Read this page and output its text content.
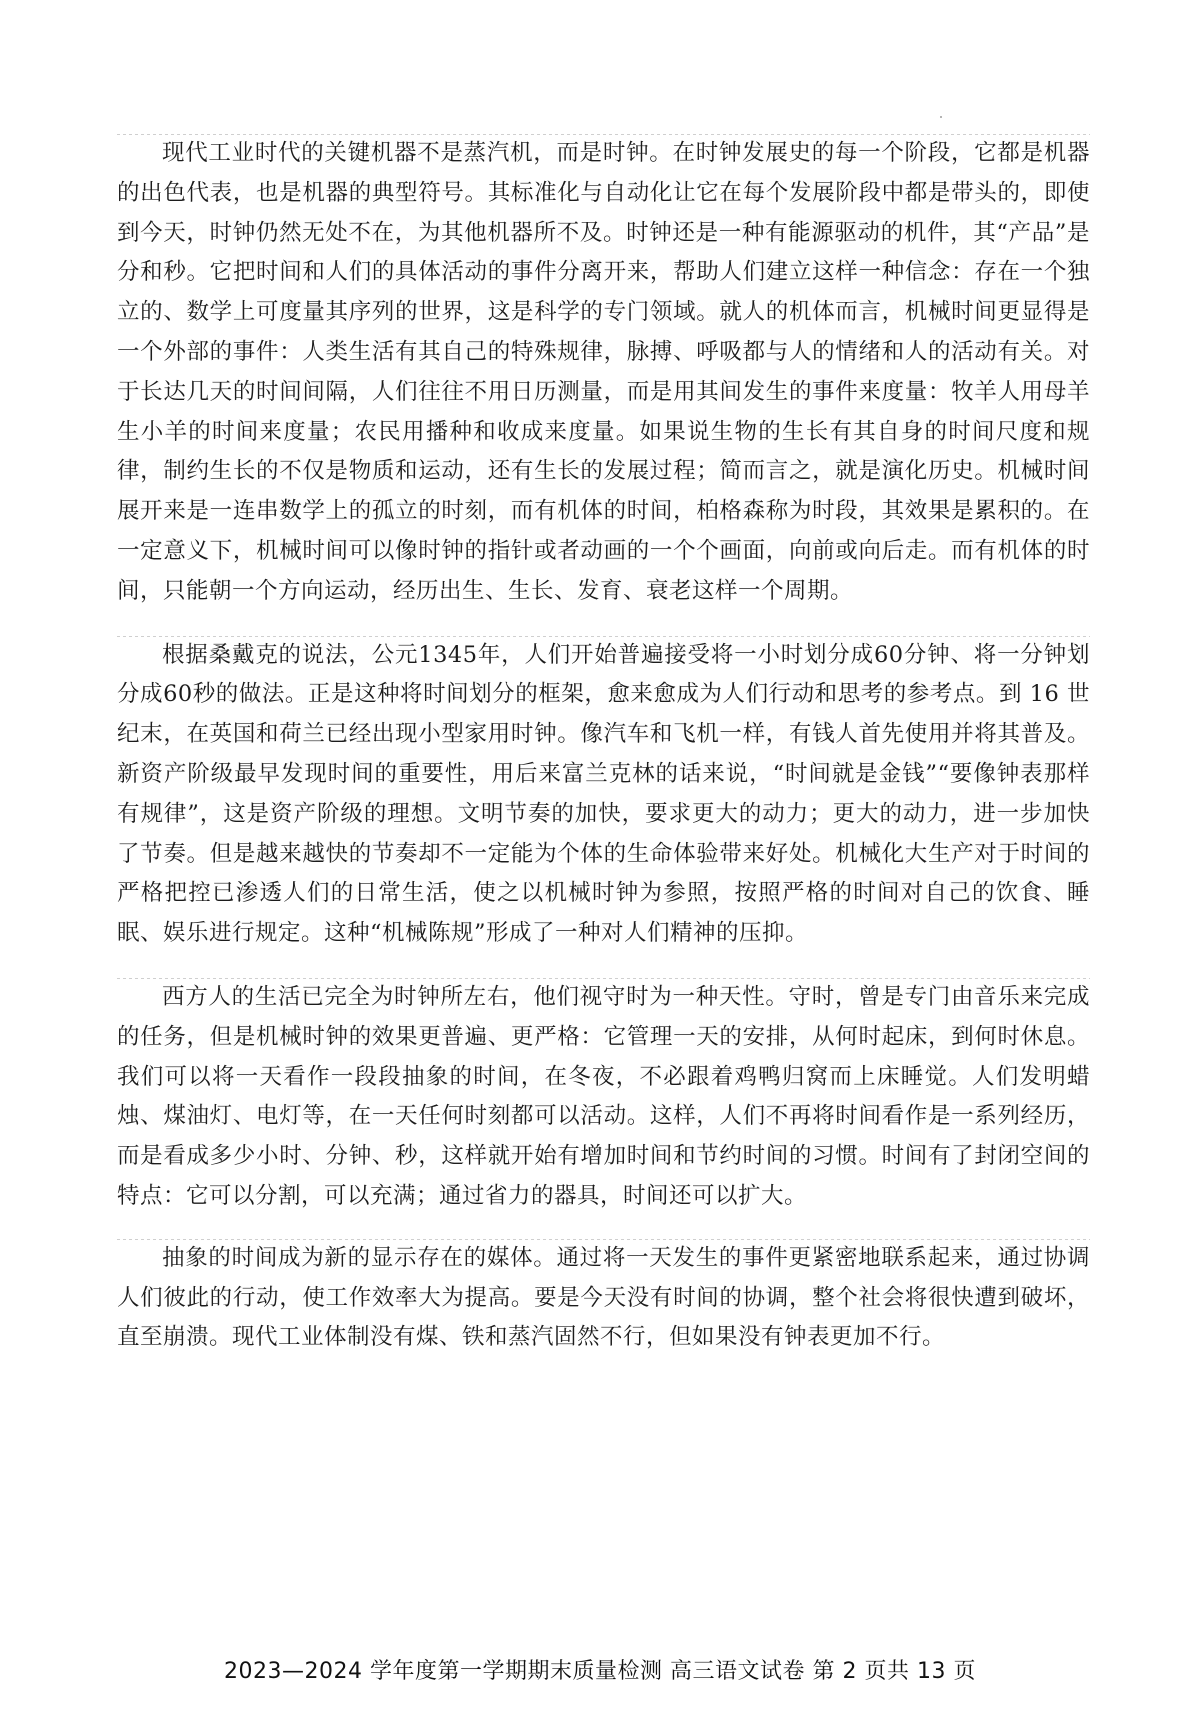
现代工业时代的关键机器不是蒸汽机，而是时钟。在时钟发展史的每一个阶段，它都是机器的出色代表，也是机器的典型符号。其标准化与自动化让它在每个发展阶段中都是带头的，即使到今天，时钟仍然无处不在，为其他机器所不及。时钟还是一种有能源驱动的机件，其“产品”是分和秒。它把时间和人们的具体活动的事件分离开来，帮助人们建立这样一种信念：存在一个独立的、数学上可度量其序列的世界，这是科学的专门领域。就人的机体而言，机械时间更显得是一个外部的事件：人类生活有其自己的特殊规律，脉搏、呼吸都与人的情绪和人的活动有关。对于长达几天的时间间隔，人们往往不用日历测量，而是用其间发生的事件来度量：牧羊人用母羊生小羊的时间来度量；农民用播种和收成来度量。如果说生物的生长有其自身的时间尺度和规律，制约生长的不仅是物质和运动，还有生长的发展过程；简而言之，就是演化历史。机械时间展开来是一连串数学上的孤立的时刻，而有机体的时间，柏格森称为时段，其效果是累积的。在一定意义下，机械时间可以像时钟的指针或者动画的一个个画面，向前或向后走。而有机体的时间，只能朝一个方向运动，经历出生、生长、发育、衰老这样一个周期。

根据桑戴克的说法，公元1345年，人们开始普遍接受将一小时划分成60分钟、将一分钟划分成60秒的做法。正是这种将时间划分的框架，愈来愈成为人们行动和思考的参考点。到 16 世纪末，在英国和荷兰已经出现小型家用时钟。像汽车和飞机一样，有钱人首先使用并将其普及。新资产阶级最早发现时间的重要性，用后来富兰克林的话来说，“时间就是金钱”“要像钟表那样有规律”，这是资产阶级的理想。文明节奏的加快，要求更大的动力；更大的动力，进一步加快了节奏。但是越来越快的节奏却不一定能为个体的生命体验带来好处。机械化大生产对于时间的严格把控已渗透人们的日常生活，使之以机械时钟为参照，按照严格的时间对自己的饮食、睡眠、娱乐进行规定。这种“机械陈规”形成了一种对人们精神的压抑。

西方人的生活已完全为时钟所左右，他们视守时为一种天性。守时，曾是专门由音乐来完成的任务，但是机械时钟的效果更普遍、更严格：它管理一天的安排，从何时起床，到何时休息。我们可以将一天看作一段段抽象的时间，在冬夜，不必跟着鸡鸭归窝而上床睡觉。人们发明蜡烛、煤油灯、电灯等，在一天任何时刻都可以活动。这样，人们不再将时间看作是一系列经历，而是看成多少小时、分钟、秒，这样就开始有增加时间和节约时间的习惯。时间有了封闭空间的特点：它可以分割，可以充满；通过省力的器具，时间还可以扩大。

抽象的时间成为新的显示存在的媒体。通过将一天发生的事件更紧密地联系起来，通过协调人们彼此的行动，使工作效率大为提高。要是今天没有时间的协调，整个社会将很快遭到破坏，直至崩溃。现代工业体制没有煤、铁和蒸汽固然不行，但如果没有钟表更加不行。

2023—2024 学年度第一学期期末质量检测 高三语文试卷 第 2 页共 13 页
